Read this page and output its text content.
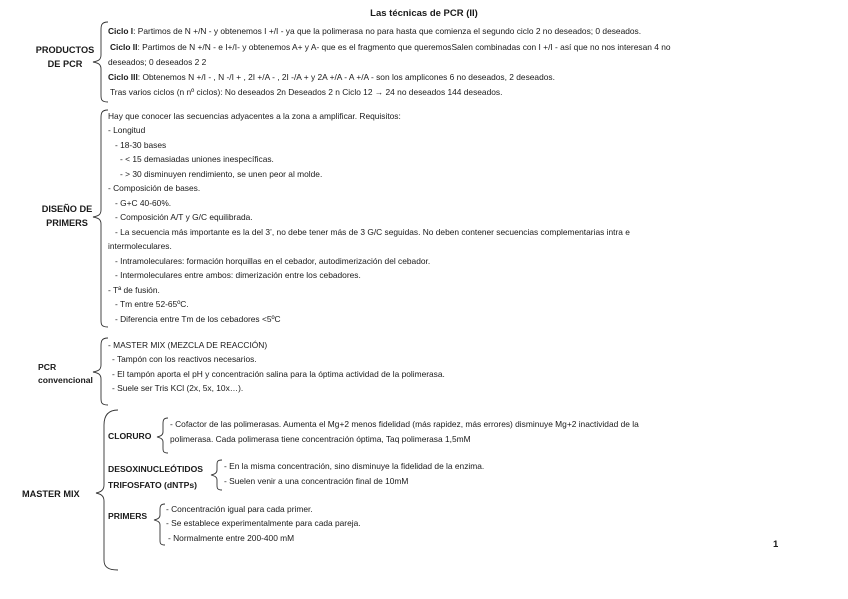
Las técnicas de PCR (II)
PRODUCTOS
DE PCR
Ciclo I: Partimos de N +/N - y obtenemos I +/I - ya que la polimerasa no para hasta que comienza el segundo ciclo 2 no deseados; 0 deseados.
Ciclo II: Partimos de N +/N - e I+/I- y obtenemos A+ y A- que es el fragmento que queremosSalen combinadas con I +/I - así que no nos interesan 4 no
deseados; 0 deseados 2 2
Ciclo III: Obtenemos N +/I - , N -/I + , 2I +/A - , 2I -/A + y 2A +/A - A +/A - son los amplicones 6 no deseados, 2 deseados.
Tras varios ciclos (n nº ciclos): No deseados 2n Deseados 2 n Ciclo 12 → 24 no deseados 144 deseados.
DISEÑO DE
PRIMERS
Hay que conocer las secuencias adyacentes a la zona a amplificar. Requisitos:
- Longitud
- 18-30 bases
- < 15 demasiadas uniones inespecíficas.
- > 30 disminuyen rendimiento, se unen peor al molde.
- Composición de bases.
- G+C 40-60%.
- Composición A/T y G/C equilibrada.
- La secuencia más importante es la del 3’, no debe tener más de 3 G/C seguidas. No deben contener secuencias complementarias intra e
intermoleculares.
- Intramoleculares: formación horquillas en el cebador, autodimerización del cebador.
- Intermoleculares entre ambos: dimerización entre los cebadores.
- Tª de fusión.
- Tm entre 52-65ºC.
- Diferencia entre Tm de los cebadores <5ºC
PCR
convencional
- MASTER MIX (MEZCLA DE REACCIÓN)
- Tampón con los reactivos necesarios.
- El tampón aporta el pH y concentración salina para la óptima actividad de la polimerasa.
- Suele ser Tris KCl (2x, 5x, 10x…).
MASTER MIX
CLORURO
- Cofactor de las polimerasas. Aumenta el Mg+2 menos fidelidad (más rapidez, más errores) disminuye Mg+2 inactividad de la
polimerasa. Cada polimerasa tiene concentración óptima, Taq polimerasa 1,5mM
DESOXINUCLEÓTIDOS
TRIFOSFATO (dNTPs)
- En la misma concentración, sino disminuye la fidelidad de la enzima.
- Suelen venir a una concentración final de 10mM
PRIMERS
- Concentración igual para cada primer.
- Se establece experimentalmente para cada pareja.
- Normalmente entre 200-400 mM
1
